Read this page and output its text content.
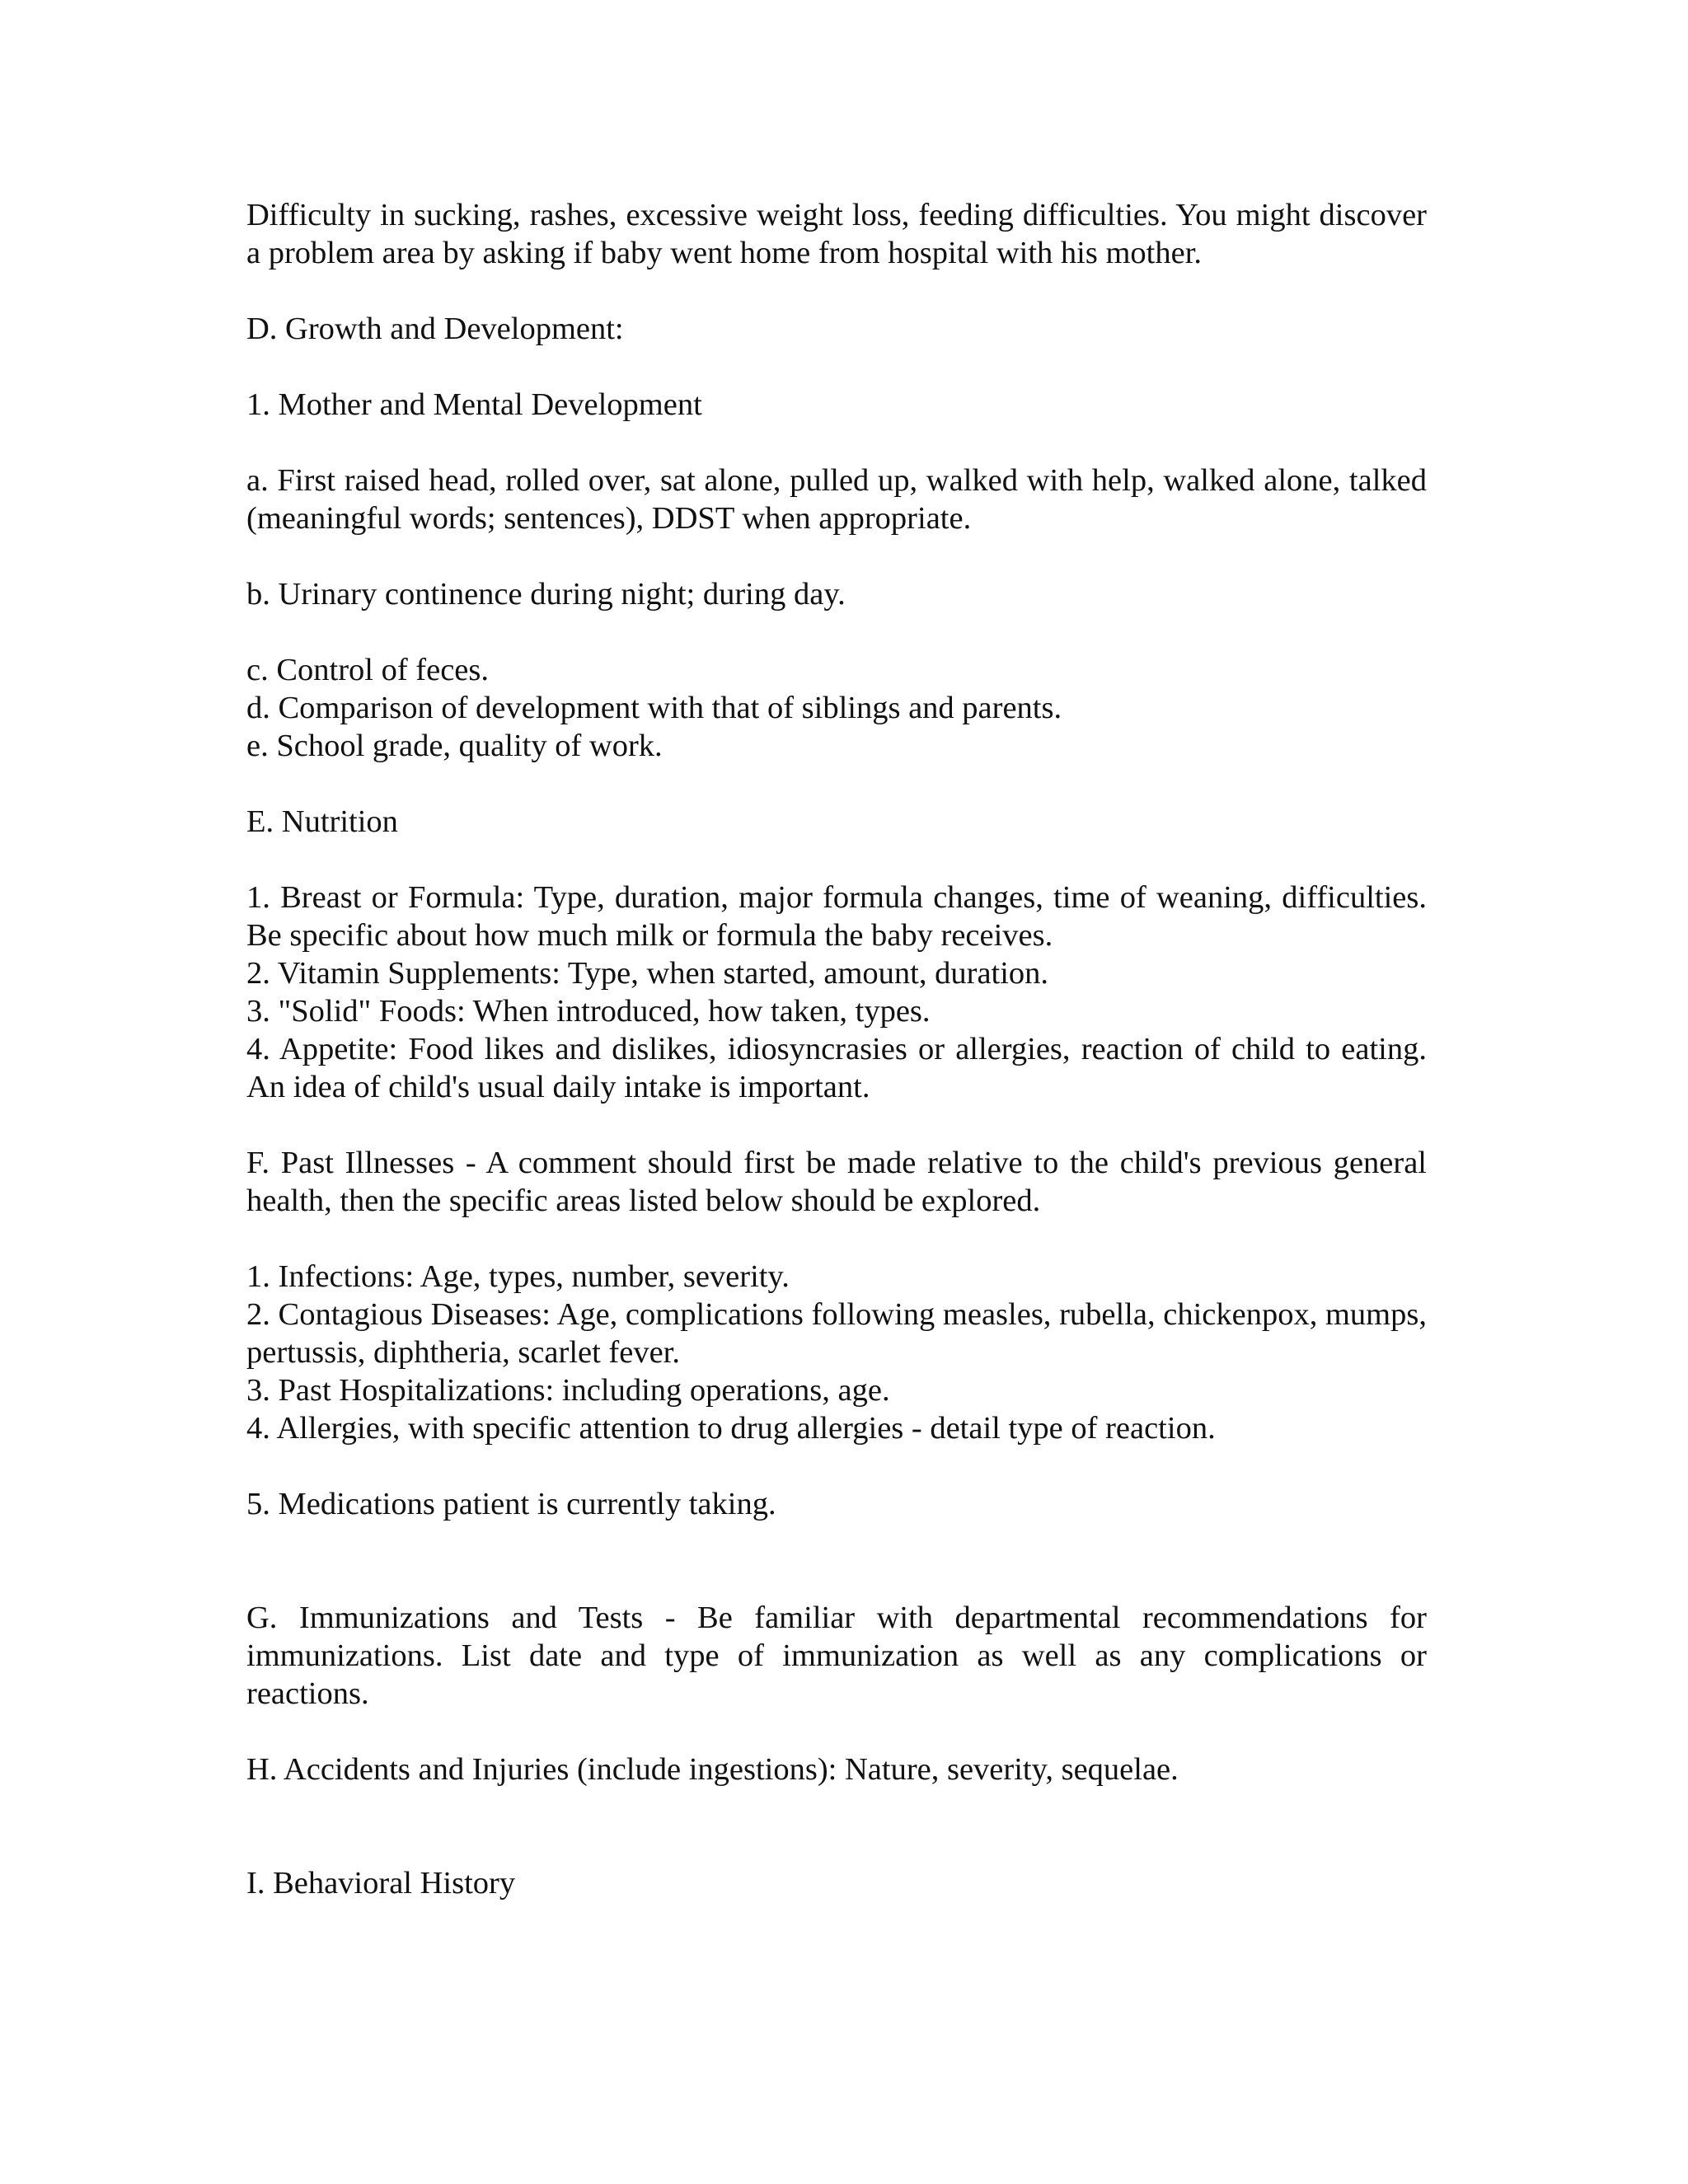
Difficulty in sucking, rashes, excessive weight loss, feeding difficulties. You might discover a problem area by asking if baby went home from hospital with his mother.

D. Growth and Development:

1. Mother and Mental Development

a. First raised head, rolled over, sat alone, pulled up, walked with help, walked alone, talked (meaningful words; sentences), DDST when appropriate.

b. Urinary continence during night; during day.

c. Control of feces.

d. Comparison of development with that of siblings and parents.

e. School grade, quality of work.

E. Nutrition

1. Breast or Formula: Type, duration, major formula changes, time of weaning, difficulties. Be specific about how much milk or formula the baby receives.

2. Vitamin Supplements: Type, when started, amount, duration.

3. "Solid" Foods: When introduced, how taken, types.

4. Appetite: Food likes and dislikes, idiosyncrasies or allergies, reaction of child to eating. An idea of child's usual daily intake is important.

F. Past Illnesses - A comment should first be made relative to the child's previous general health, then the specific areas listed below should be explored.

1. Infections: Age, types, number, severity.

2. Contagious Diseases: Age, complications following measles, rubella, chickenpox, mumps, pertussis, diphtheria, scarlet fever.

3. Past Hospitalizations: including operations, age.

4. Allergies, with specific attention to drug allergies - detail type of reaction.

5. Medications patient is currently taking.

G. Immunizations and Tests - Be familiar with departmental recommendations for immunizations. List date and type of immunization as well as any complications or reactions.

H. Accidents and Injuries (include ingestions): Nature, severity, sequelae.

I. Behavioral History
